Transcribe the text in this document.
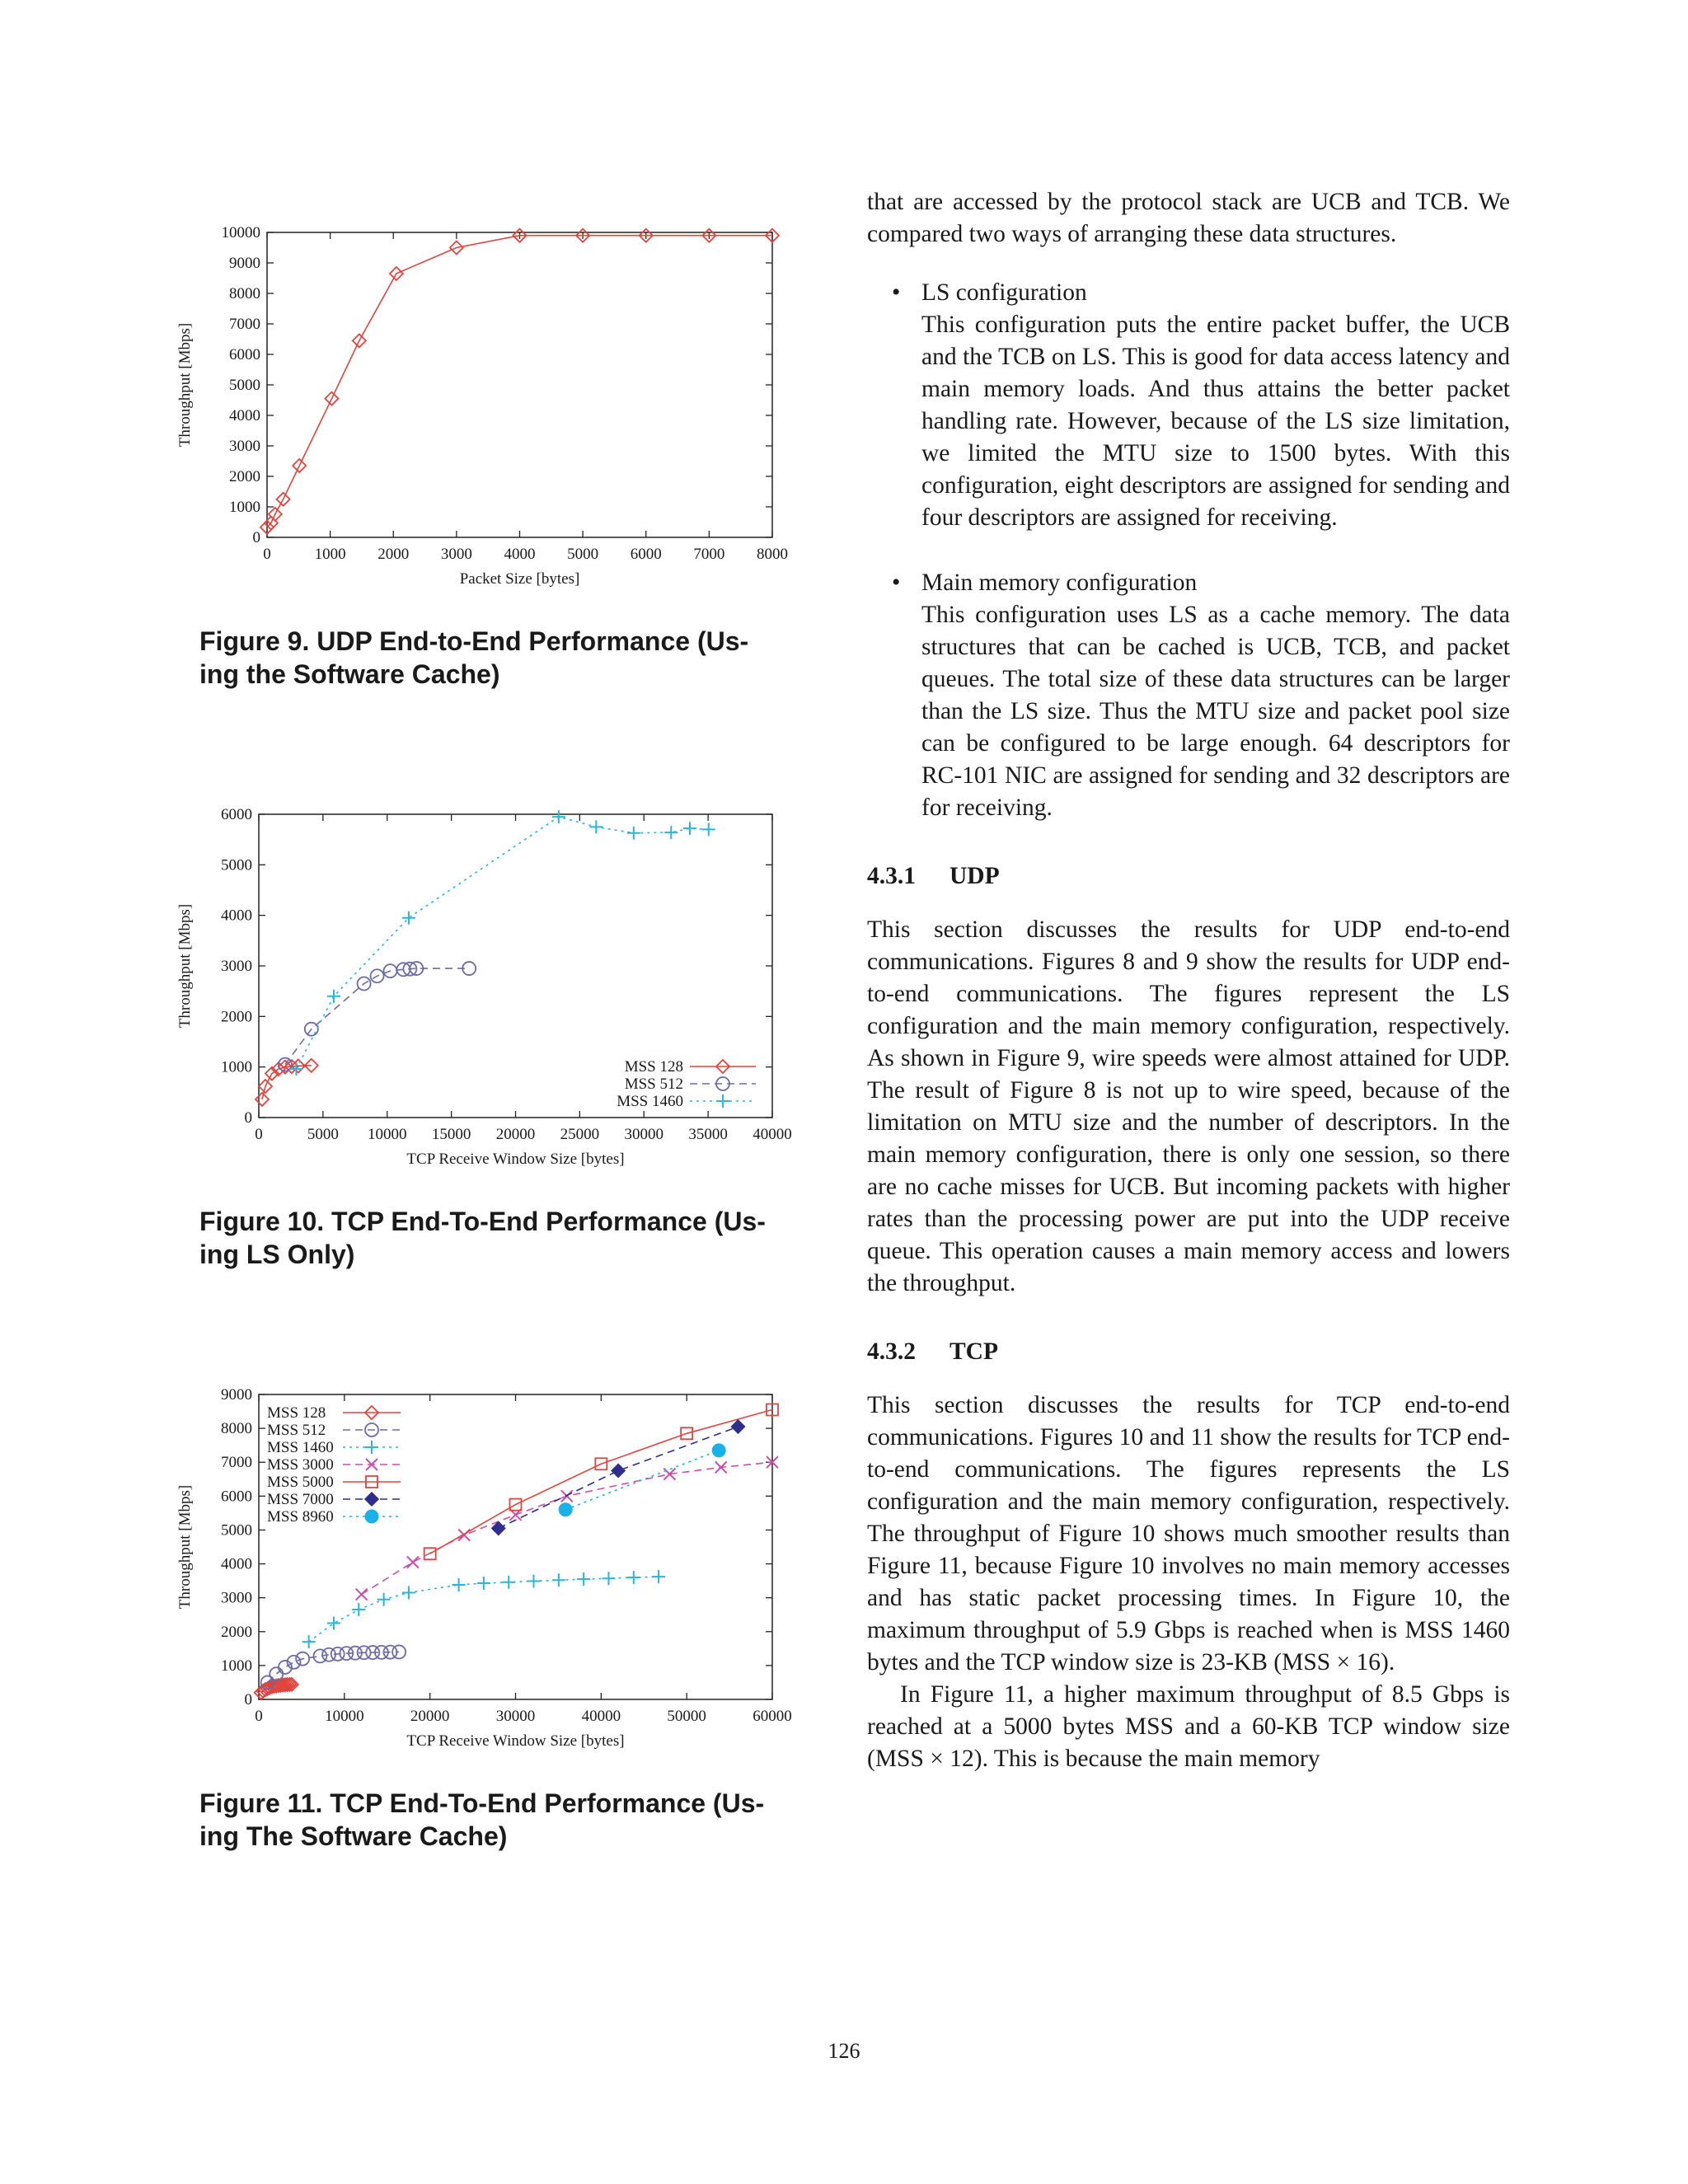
0	1000 2000 3000 4000 5000 6000 7000 8000
0
1000
2000
3000
4000
5000
6000
7000
8000
9000
10000
Packet Size [bytes]
Throughput [Mbps]
Figure 9. UDP End-to-End Performance (Us-
ing the Software Cache)
0	5000 10000 15000 20000 25000 30000 35000 40000
0
1000
2000
3000
4000
5000
6000
TCP Receive Window Size [bytes]
Throughput [Mbps]
MSS 128
MSS 512
MSS 1460
Figure 10. TCP End-To-End Performance (Us-
ing LS Only)
0	10000	20000	30000	40000	50000	60000
0
1000
2000
3000
4000
5000
6000
7000
8000
9000
TCP Receive Window Size [bytes]
Throughput [Mbps]
MSS 128
MSS 512
MSS 1460
MSS 3000
MSS 5000
MSS 7000
MSS 8960
Figure 11. TCP End-To-End Performance (Us-
ing The Software Cache)

that are accessed by the protocol stack are UCB and TCB. We compared two ways of arranging these data structures.

• LS configuration

This configuration puts the entire packet buffer, the UCB and the TCB on LS. This is good for data access latency and main memory loads. And thus attains the better packet handling rate. However, because of the LS size limitation, we limited the MTU size to 1500 bytes. With this configuration, eight descriptors are assigned for sending and four descriptors are assigned for receiving.

• Main memory configuration

This configuration uses LS as a cache memory. The data structures that can be cached is UCB, TCB, and packet queues. The total size of these data structures can be larger than the LS size. Thus the MTU size and packet pool size can be configured to be large enough. 64 descriptors for RC-101 NIC are assigned for sending and 32 descriptors are for receiving.

4.3.1 UDP

This section discusses the results for UDP end-to-end communications. Figures 8 and 9 show the results for UDP end-to-end communications. The figures represent the LS configuration and the main memory configuration, respectively. As shown in Figure 9, wire speeds were almost attained for UDP. The result of Figure 8 is not up to wire speed, because of the limitation on MTU size and the number of descriptors. In the main memory configuration, there is only one session, so there are no cache misses for UCB. But incoming packets with higher rates than the processing power are put into the UDP receive queue. This operation causes a main memory access and lowers the throughput.

4.3.2 TCP

This section discusses the results for TCP end-to-end communications. Figures 10 and 11 show the results for TCP end-to-end communications. The figures represents the LS configuration and the main memory configuration, respectively. The throughput of Figure 10 shows much smoother results than Figure 11, because Figure 10 involves no main memory accesses and has static packet processing times. In Figure 10, the maximum throughput of 5.9 Gbps is reached when is MSS 1460 bytes and the TCP window size is 23-KB (MSS × 16).

In Figure 11, a higher maximum throughput of 8.5 Gbps is reached at a 5000 bytes MSS and a 60-KB TCP window size (MSS × 12). This is because the main memory

126
